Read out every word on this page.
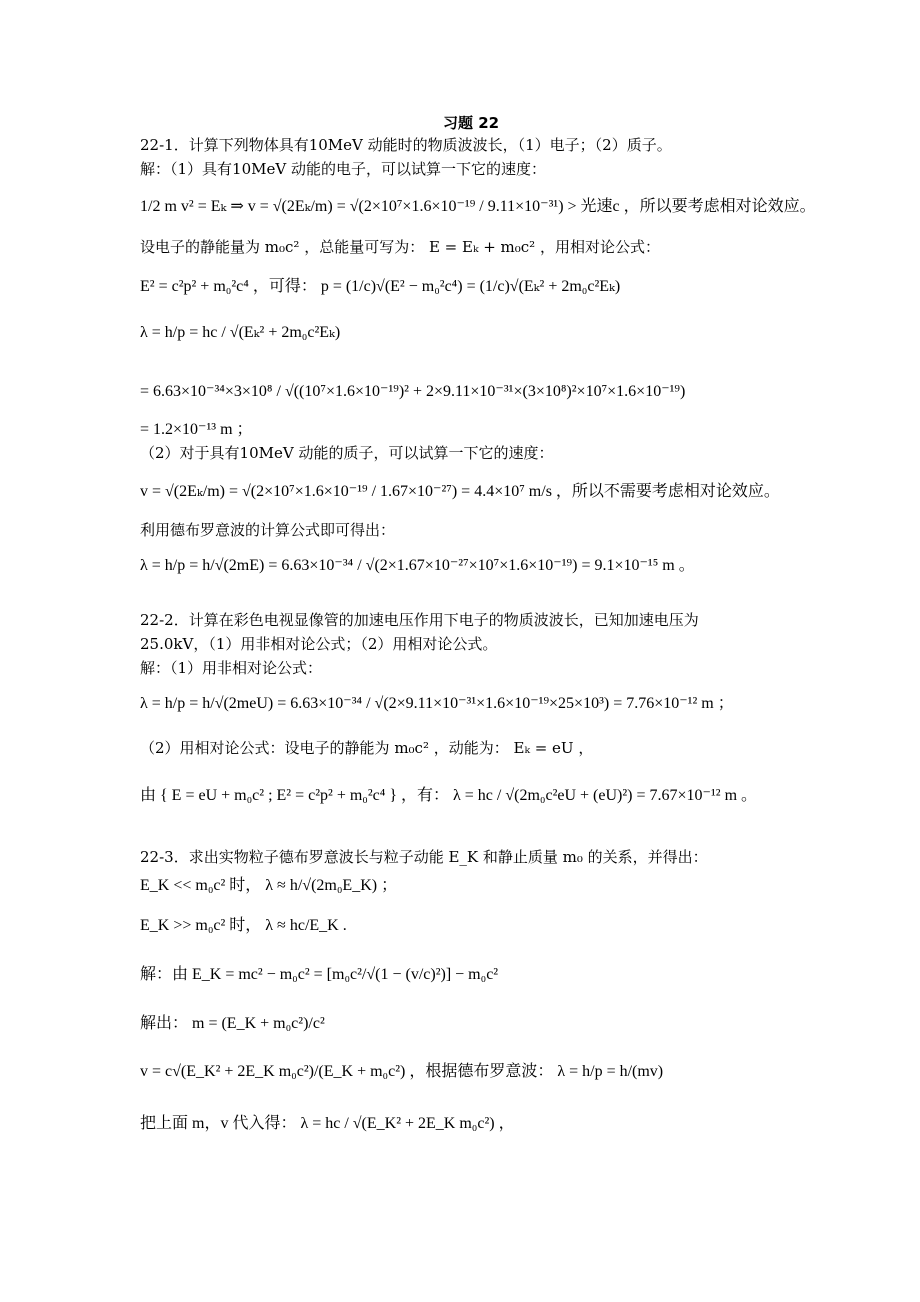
习题 22
22-1．计算下列物体具有10MeV 动能时的物质波波长，（1）电子；（2）质子。
解：（1）具有10MeV 动能的电子，可以试算一下它的速度：
1/2 m v² = Eₖ ⇒ v = √(2Eₖ/m) = √(2×10⁷×1.6×10⁻¹⁹ / 9.11×10⁻³¹) > 光速c ，所以要考虑相对论效应。
设电子的静能量为 m₀c² ，总能量可写为： E = Eₖ + m₀c² ，用相对论公式：
E² = c²p² + m₀²c⁴ ，可得： p = (1/c)√(E² − m₀²c⁴) = (1/c)√(Eₖ² + 2m₀c²Eₖ)
λ = h/p = hc / √(Eₖ² + 2m₀c²Eₖ)
= 6.63×10⁻³⁴×3×10⁸ / √((10⁷×1.6×10⁻¹⁹)² + 2×9.11×10⁻³¹×(3×10⁸)²×10⁷×1.6×10⁻¹⁹)
= 1.2×10⁻¹³ m ；
（2）对于具有10MeV 动能的质子，可以试算一下它的速度：
v = √(2Eₖ/m) = √(2×10⁷×1.6×10⁻¹⁹ / 1.67×10⁻²⁷) = 4.4×10⁷ m/s ，所以不需要考虑相对论效应。
利用德布罗意波的计算公式即可得出：
λ = h/p = h/√(2mE) = 6.63×10⁻³⁴ / √(2×1.67×10⁻²⁷×10⁷×1.6×10⁻¹⁹) = 9.1×10⁻¹⁵ m 。
22-2．计算在彩色电视显像管的加速电压作用下电子的物质波波长，已知加速电压为
25.0kV，（1）用非相对论公式；（2）用相对论公式。
解：（1）用非相对论公式：
λ = h/p = h/√(2meU) = 6.63×10⁻³⁴ / √(2×9.11×10⁻³¹×1.6×10⁻¹⁹×25×10³) = 7.76×10⁻¹² m ；
（2）用相对论公式：设电子的静能为 m₀c² ，动能为： Eₖ = eU ，
由 { E = eU + m₀c² ; E² = c²p² + m₀²c⁴ } ，有： λ = hc / √(2m₀c²eU + (eU)²) = 7.67×10⁻¹² m 。
22-3．求出实物粒子德布罗意波长与粒子动能 E_K 和静止质量 m₀ 的关系，并得出：
E_K << m₀c² 时， λ ≈ h/√(2m₀E_K) ；
E_K >> m₀c² 时， λ ≈ hc/E_K .
解：由 E_K = mc² − m₀c² = [m₀c²/√(1 − (v/c)²)] − m₀c²
解出： m = (E_K + m₀c²)/c²
v = c√(E_K² + 2E_K m₀c²)/(E_K + m₀c²) ，根据德布罗意波： λ = h/p = h/(mv)
把上面 m，v 代入得： λ = hc / √(E_K² + 2E_K m₀c²) ，
